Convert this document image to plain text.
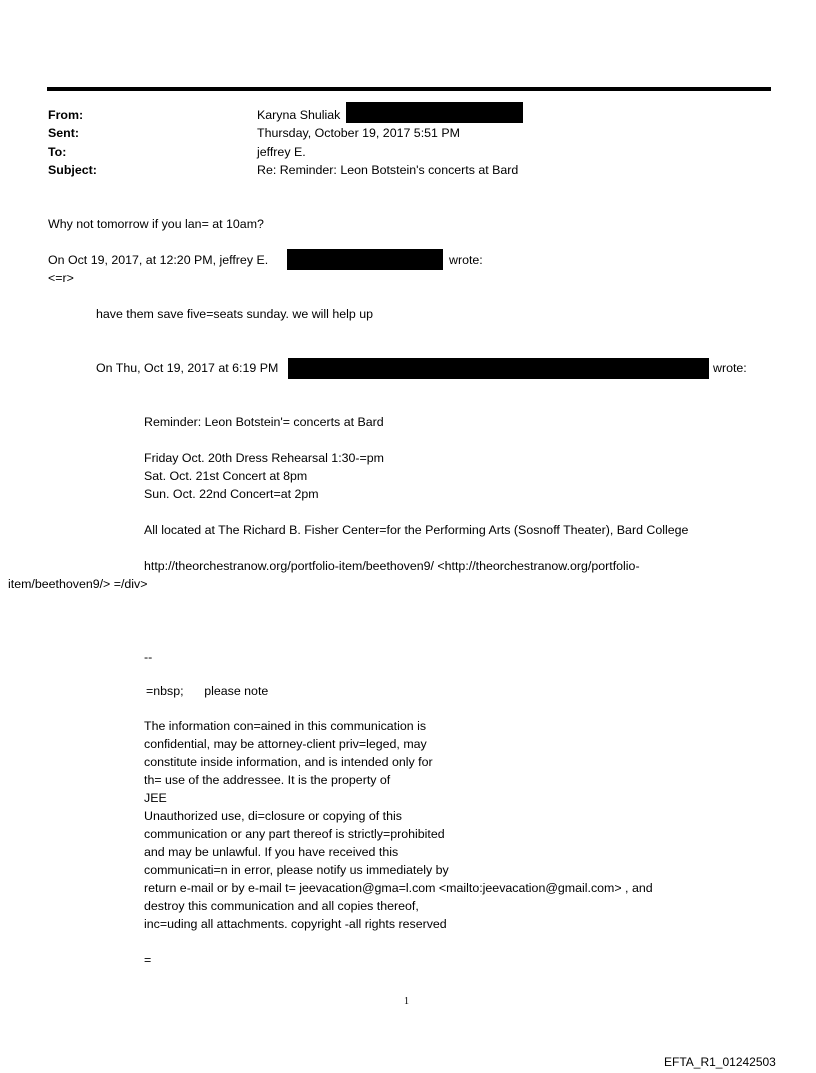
From:	Karyna Shuliak
Sent:	Thursday, October 19, 2017 5:51 PM
To:	jeffrey E.
Subject:	Re: Reminder: Leon Botstein's concerts at Bard
Why not tomorrow if you lan= at 10am?
On Oct 19, 2017, at 12:20 PM, jeffrey E.	wrote:
<=r>
have them save five=seats sunday. we will help up
On Thu, Oct 19, 2017 at 6:19 PM	wrote:
Reminder: Leon Botstein'= concerts at Bard
Friday Oct. 20th Dress Rehearsal 1:30-=pm
Sat. Oct. 21st Concert at 8pm
Sun. Oct. 22nd Concert=at 2pm
All located at The Richard B. Fisher Center=for the Performing Arts (Sosnoff Theater), Bard College
http://theorchestranow.org/portfolio-item/beethoven9/ <http://theorchestranow.org/portfolio-
item/beethoven9/> =/div>
--
=nbsp;      please note
The information con=ained in this communication is
confidential, may be attorney-client priv=leged, may
constitute inside information, and is intended only for
th= use of the addressee. It is the property of
JEE
Unauthorized use, di=closure or copying of this
communication or any part thereof is strictly=prohibited
and may be unlawful. If you have received this
communicati=n in error, please notify us immediately by
return e-mail or by e-mail t= jeevacation@gma=l.com <mailto:jeevacation@gmail.com> , and
destroy this communication and all copies thereof,
inc=uding all attachments. copyright -all rights reserved
=
1
EFTA_R1_01242503
